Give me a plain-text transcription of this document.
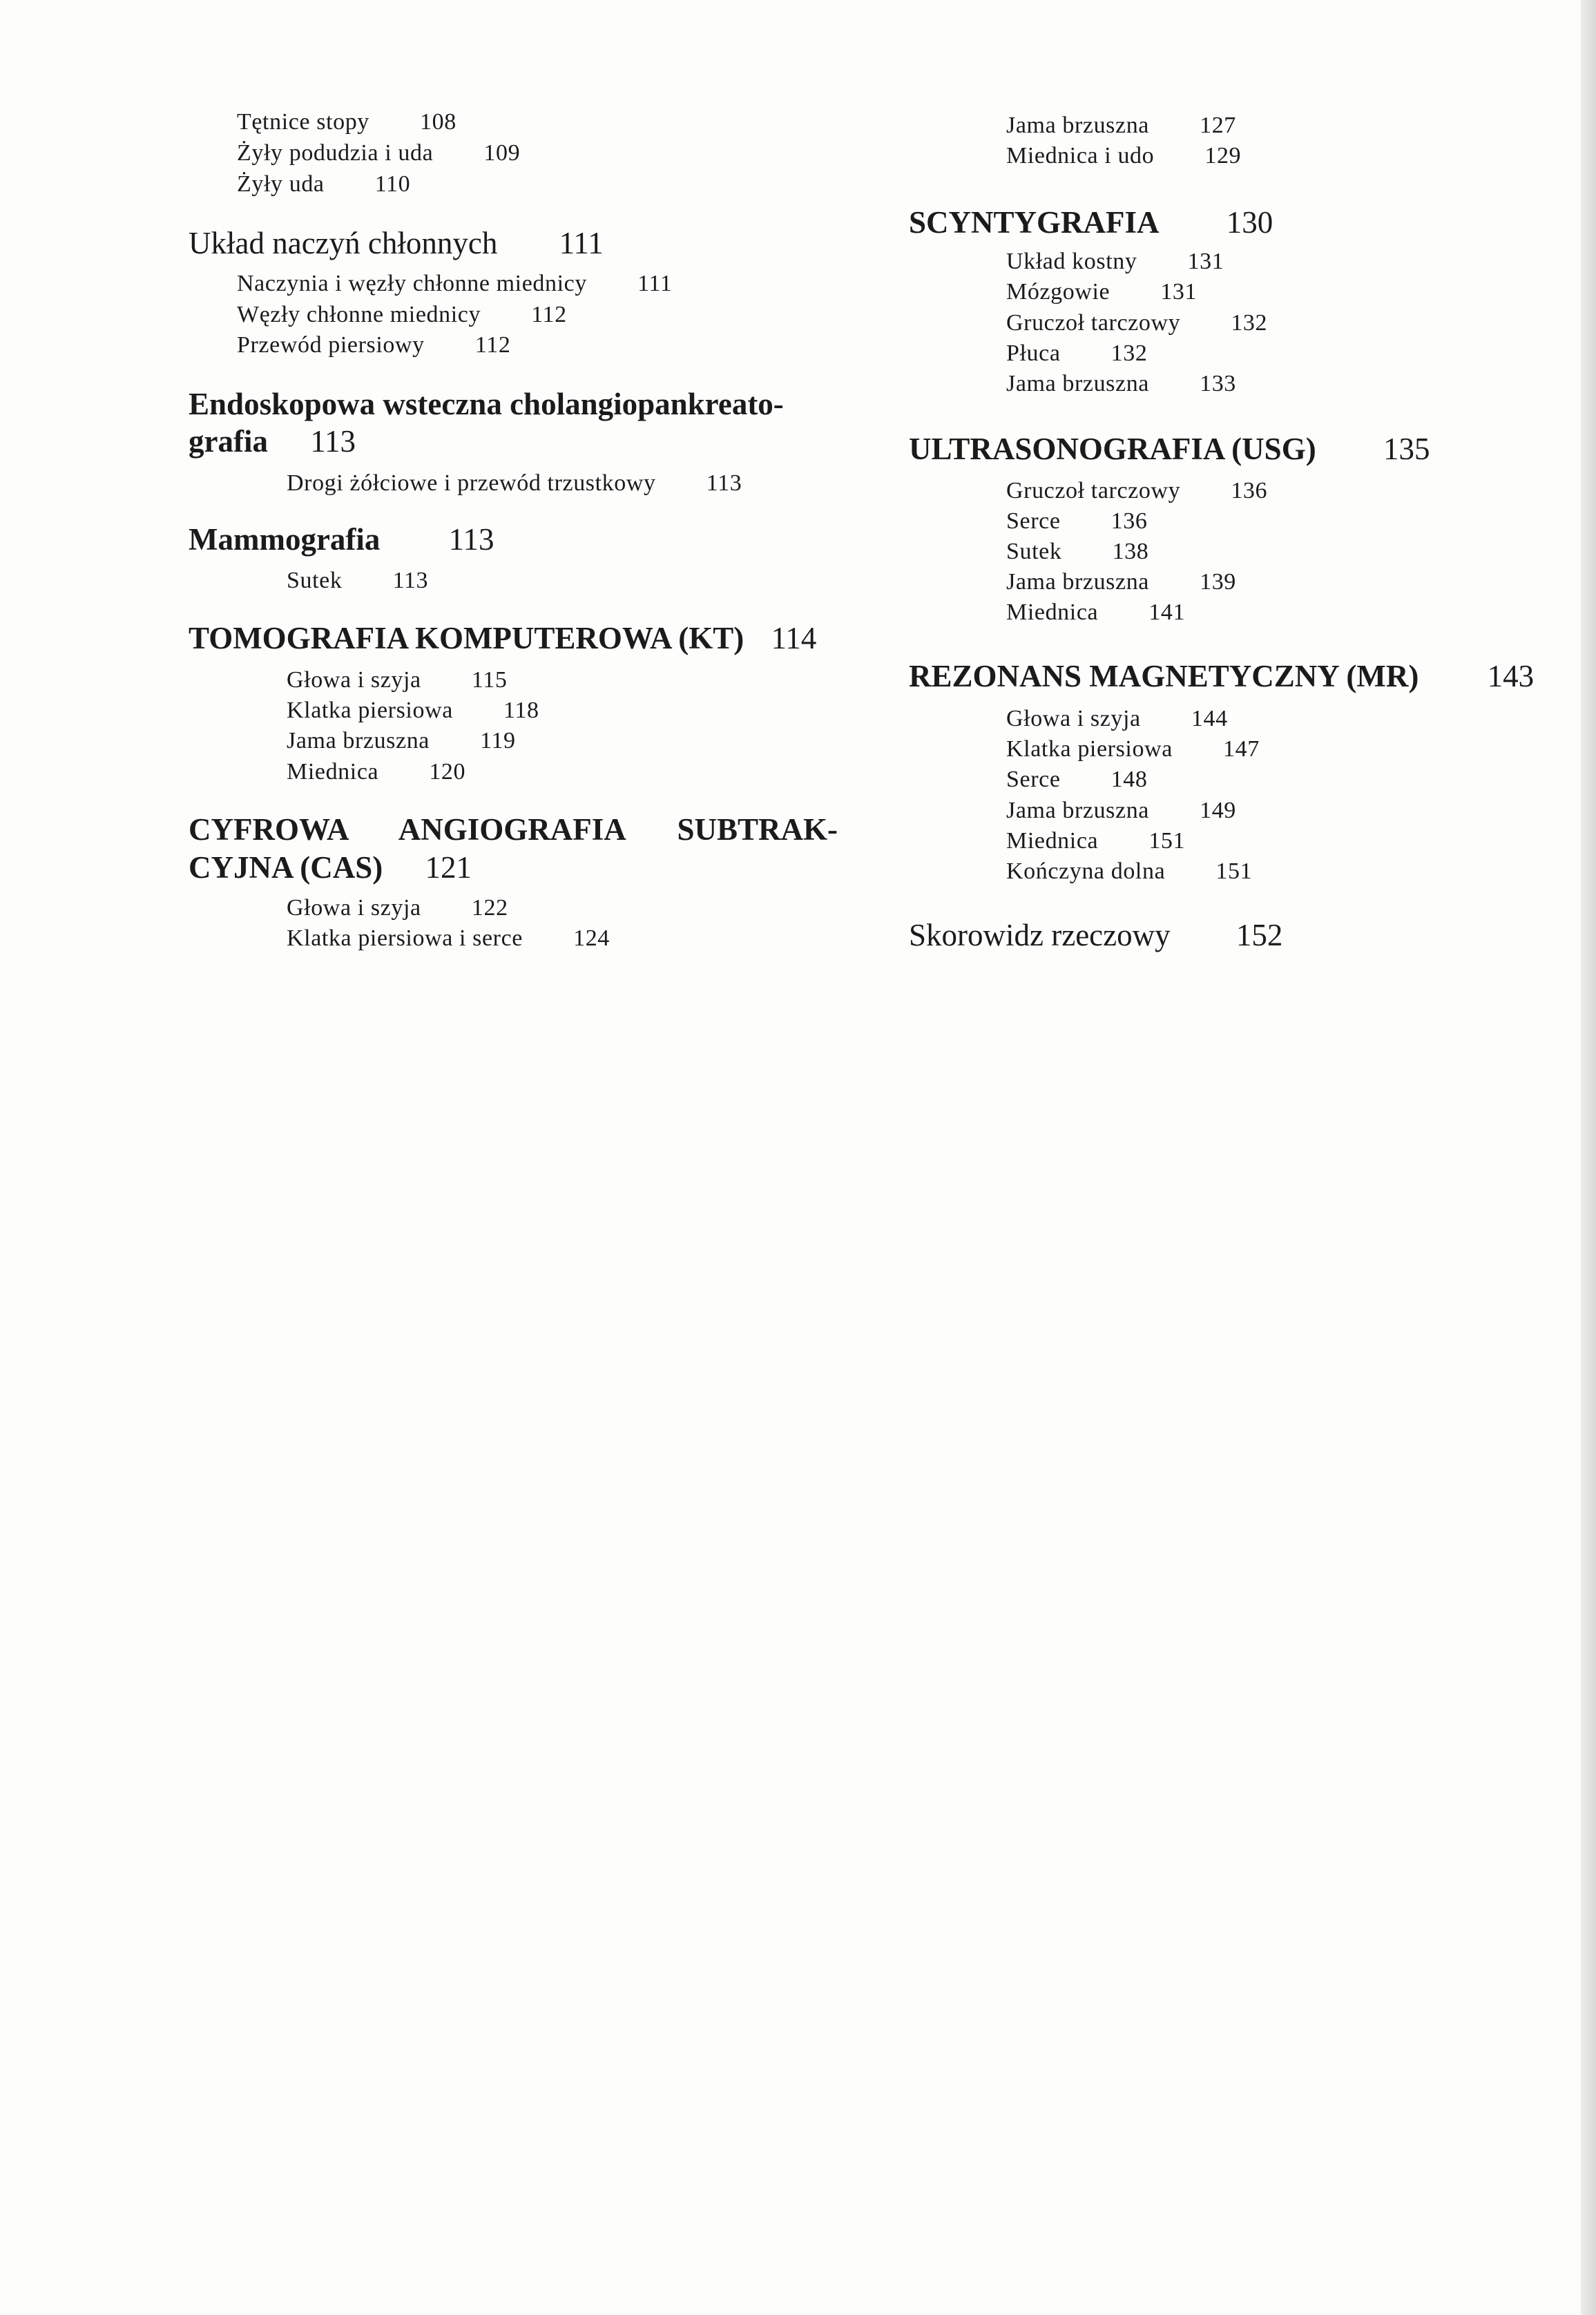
Tętnice stopy 108
Żyły podudzia i uda 109
Żyły uda 110
Układ naczyń chłonnych 111
Naczynia i węzły chłonne miednicy 111
Węzły chłonne miednicy 112
Przewód piersiowy 112
Endoskopowa wsteczna cholangiopankreato-
grafia 113
Drogi żółciowe i przewód trzustkowy 113
Mammografia 113
Sutek 113
TOMOGRAFIA KOMPUTEROWA (KT) 114
Głowa i szyja 115
Klatka piersiowa 118
Jama brzuszna 119
Miednica 120
CYFROWA ANGIOGRAFIA SUBTRAK-
CYJNA (CAS) 121
Głowa i szyja 122
Klatka piersiowa i serce 124
Jama brzuszna 127
Miednica i udo 129
SCYNTYGRAFIA 130
Układ kostny 131
Mózgowie 131
Gruczoł tarczowy 132
Płuca 132
Jama brzuszna 133
ULTRASONOGRAFIA (USG) 135
Gruczoł tarczowy 136
Serce 136
Sutek 138
Jama brzuszna 139
Miednica 141
REZONANS MAGNETYCZNY (MR) 143
Głowa i szyja 144
Klatka piersiowa 147
Serce 148
Jama brzuszna 149
Miednica 151
Kończyna dolna 151
Skorowidz rzeczowy 152
